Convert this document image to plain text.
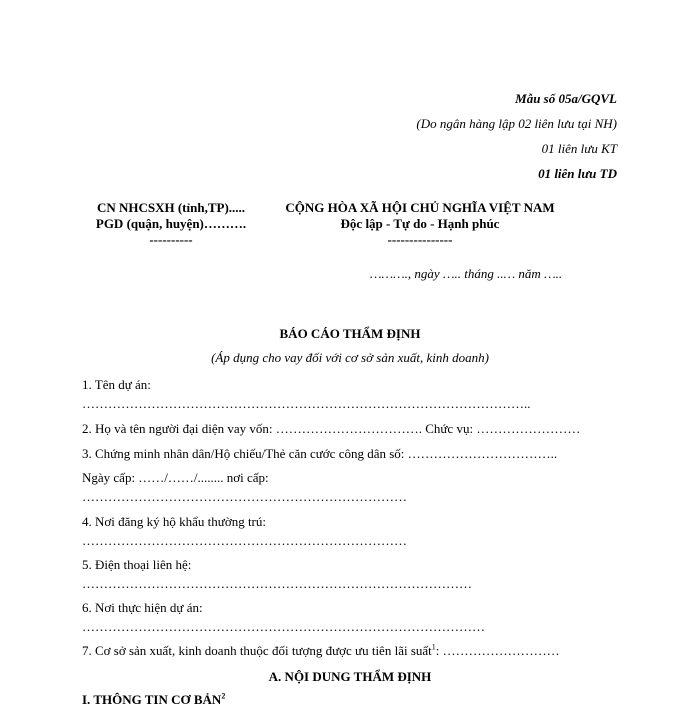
Mẫu số 05a/GQVL
(Do ngân hàng lập 02 liên lưu tại NH)
01 liên lưu KT
01 liên lưu TD
CN NHCSXH (tỉnh,TP).....
PGD (quận, huyện)……….
----------
CỘNG HÒA XÃ HỘI CHỦ NGHĨA VIỆT NAM
Độc lập - Tự do - Hạnh phúc
---------------
………., ngày ….. tháng ..… năm …..
BÁO CÁO THẨM ĐỊNH
(Áp dụng cho vay đối với cơ sở sản xuất, kinh doanh)
1. Tên dự án:
…………………………………………………………………………………………..
2. Họ và tên người đại diện vay vốn: ……………………………. Chức vụ: ……………………
3. Chứng minh nhân dân/Hộ chiếu/Thẻ căn cước công dân số: ……………………………..
Ngày cấp: ……/……/........ nơi cấp:
…………………………………………………………………
4. Nơi đăng ký hộ khẩu thường trú:
…………………………………………………………………
5. Điện thoại liên hệ:
………………………………………………………………………………
6. Nơi thực hiện dự án:
…………………………………………………………………………………
7. Cơ sở sản xuất, kinh doanh thuộc đối tượng được ưu tiên lãi suất$^1$: ………………………
A. NỘI DUNG THẨM ĐỊNH
I. THÔNG TIN CƠ BẢN$^2$
